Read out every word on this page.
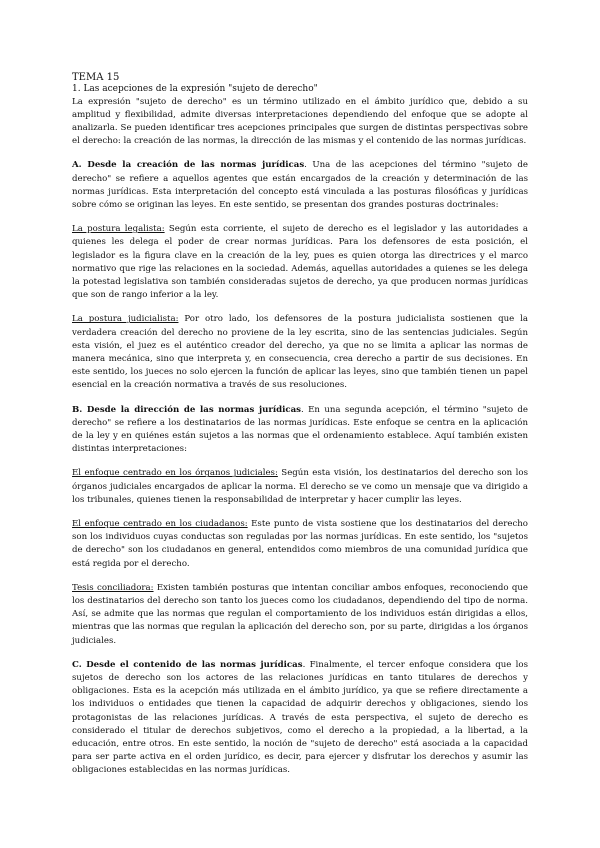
TEMA 15
1. Las acepciones de la expresión "sujeto de derecho"

La expresión "sujeto de derecho" es un término utilizado en el ámbito jurídico que, debido a su amplitud y flexibilidad, admite diversas interpretaciones dependiendo del enfoque que se adopte al analizarla. Se pueden identificar tres acepciones principales que surgen de distintas perspectivas sobre el derecho: la creación de las normas, la dirección de las mismas y el contenido de las normas jurídicas.

A. Desde la creación de las normas jurídicas. Una de las acepciones del término "sujeto de derecho" se refiere a aquellos agentes que están encargados de la creación y determinación de las normas jurídicas. Esta interpretación del concepto está vinculada a las posturas filosóficas y jurídicas sobre cómo se originan las leyes. En este sentido, se presentan dos grandes posturas doctrinales:

La postura legalista: Según esta corriente, el sujeto de derecho es el legislador y las autoridades a quienes les delega el poder de crear normas jurídicas. Para los defensores de esta posición, el legislador es la figura clave en la creación de la ley, pues es quien otorga las directrices y el marco normativo que rige las relaciones en la sociedad. Además, aquellas autoridades a quienes se les delega la potestad legislativa son también consideradas sujetos de derecho, ya que producen normas jurídicas que son de rango inferior a la ley.

La postura judicialista: Por otro lado, los defensores de la postura judicialista sostienen que la verdadera creación del derecho no proviene de la ley escrita, sino de las sentencias judiciales. Según esta visión, el juez es el auténtico creador del derecho, ya que no se limita a aplicar las normas de manera mecánica, sino que interpreta y, en consecuencia, crea derecho a partir de sus decisiones. En este sentido, los jueces no solo ejercen la función de aplicar las leyes, sino que también tienen un papel esencial en la creación normativa a través de sus resoluciones.

B. Desde la dirección de las normas jurídicas. En una segunda acepción, el término "sujeto de derecho" se refiere a los destinatarios de las normas jurídicas. Este enfoque se centra en la aplicación de la ley y en quiénes están sujetos a las normas que el ordenamiento establece. Aquí también existen distintas interpretaciones:

El enfoque centrado en los órganos judiciales: Según esta visión, los destinatarios del derecho son los órganos judiciales encargados de aplicar la norma. El derecho se ve como un mensaje que va dirigido a los tribunales, quienes tienen la responsabilidad de interpretar y hacer cumplir las leyes.

El enfoque centrado en los ciudadanos: Este punto de vista sostiene que los destinatarios del derecho son los individuos cuyas conductas son reguladas por las normas jurídicas. En este sentido, los "sujetos de derecho" son los ciudadanos en general, entendidos como miembros de una comunidad jurídica que está regida por el derecho.

Tesis conciliadora: Existen también posturas que intentan conciliar ambos enfoques, reconociendo que los destinatarios del derecho son tanto los jueces como los ciudadanos, dependiendo del tipo de norma. Así, se admite que las normas que regulan el comportamiento de los individuos están dirigidas a ellos, mientras que las normas que regulan la aplicación del derecho son, por su parte, dirigidas a los órganos judiciales.

C. Desde el contenido de las normas jurídicas. Finalmente, el tercer enfoque considera que los sujetos de derecho son los actores de las relaciones jurídicas en tanto titulares de derechos y obligaciones. Esta es la acepción más utilizada en el ámbito jurídico, ya que se refiere directamente a los individuos o entidades que tienen la capacidad de adquirir derechos y obligaciones, siendo los protagonistas de las relaciones jurídicas. A través de esta perspectiva, el sujeto de derecho es considerado el titular de derechos subjetivos, como el derecho a la propiedad, a la libertad, a la educación, entre otros. En este sentido, la noción de "sujeto de derecho" está asociada a la capacidad para ser parte activa en el orden jurídico, es decir, para ejercer y disfrutar los derechos y asumir las obligaciones establecidas en las normas jurídicas.
